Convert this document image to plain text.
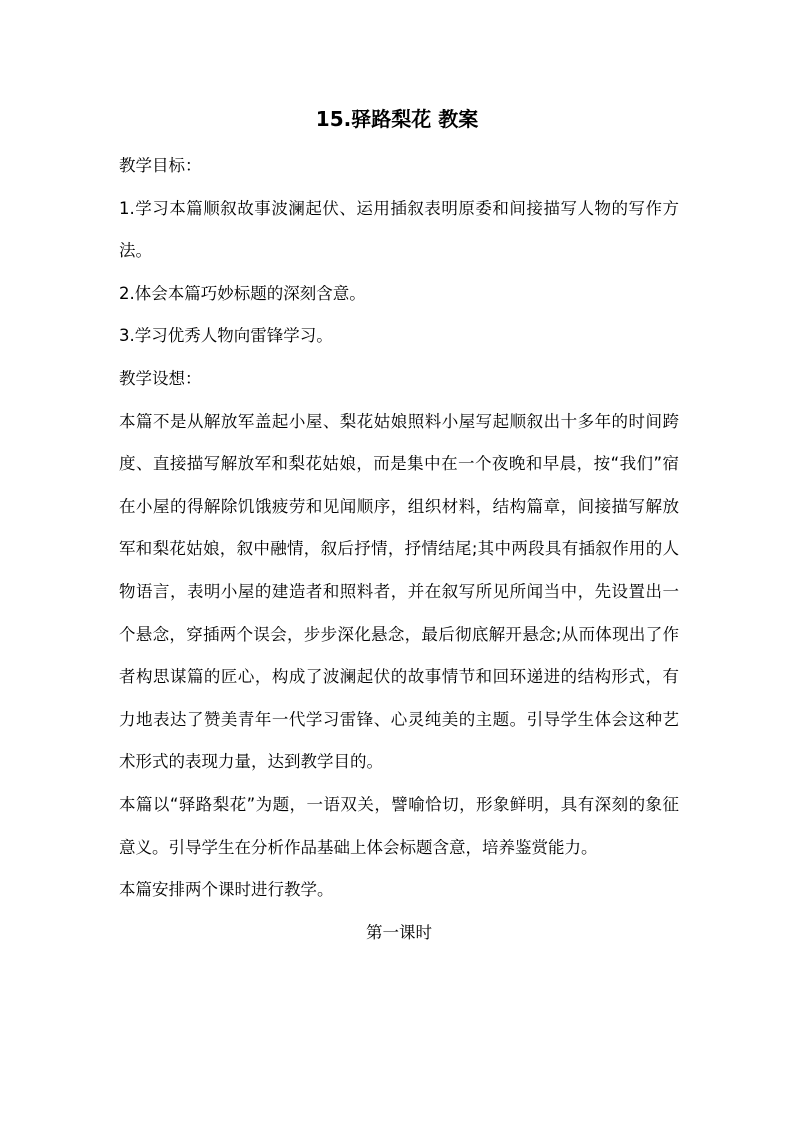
15.驿路梨花 教案

教学目标：

1.学习本篇顺叙故事波澜起伏、运用插叙表明原委和间接描写人物的写作方法。

2.体会本篇巧妙标题的深刻含意。

3.学习优秀人物向雷锋学习。

教学设想：

本篇不是从解放军盖起小屋、梨花姑娘照料小屋写起顺叙出十多年的时间跨度、直接描写解放军和梨花姑娘，而是集中在一个夜晚和早晨，按“我们”宿在小屋的得解除饥饿疲劳和见闻顺序，组织材料，结构篇章，间接描写解放军和梨花姑娘，叙中融情，叙后抒情，抒情结尾;其中两段具有插叙作用的人物语言，表明小屋的建造者和照料者，并在叙写所见所闻当中，先设置出一个悬念，穿插两个误会，步步深化悬念，最后彻底解开悬念;从而体现出了作者构思谋篇的匠心，构成了波澜起伏的故事情节和回环递进的结构形式，有力地表达了赞美青年一代学习雷锋、心灵纯美的主题。引导学生体会这种艺术形式的表现力量，达到教学目的。

本篇以“驿路梨花”为题，一语双关，譬喻恰切，形象鲜明，具有深刻的象征意义。引导学生在分析作品基础上体会标题含意，培养鉴赏能力。

本篇安排两个课时进行教学。

第一课时
